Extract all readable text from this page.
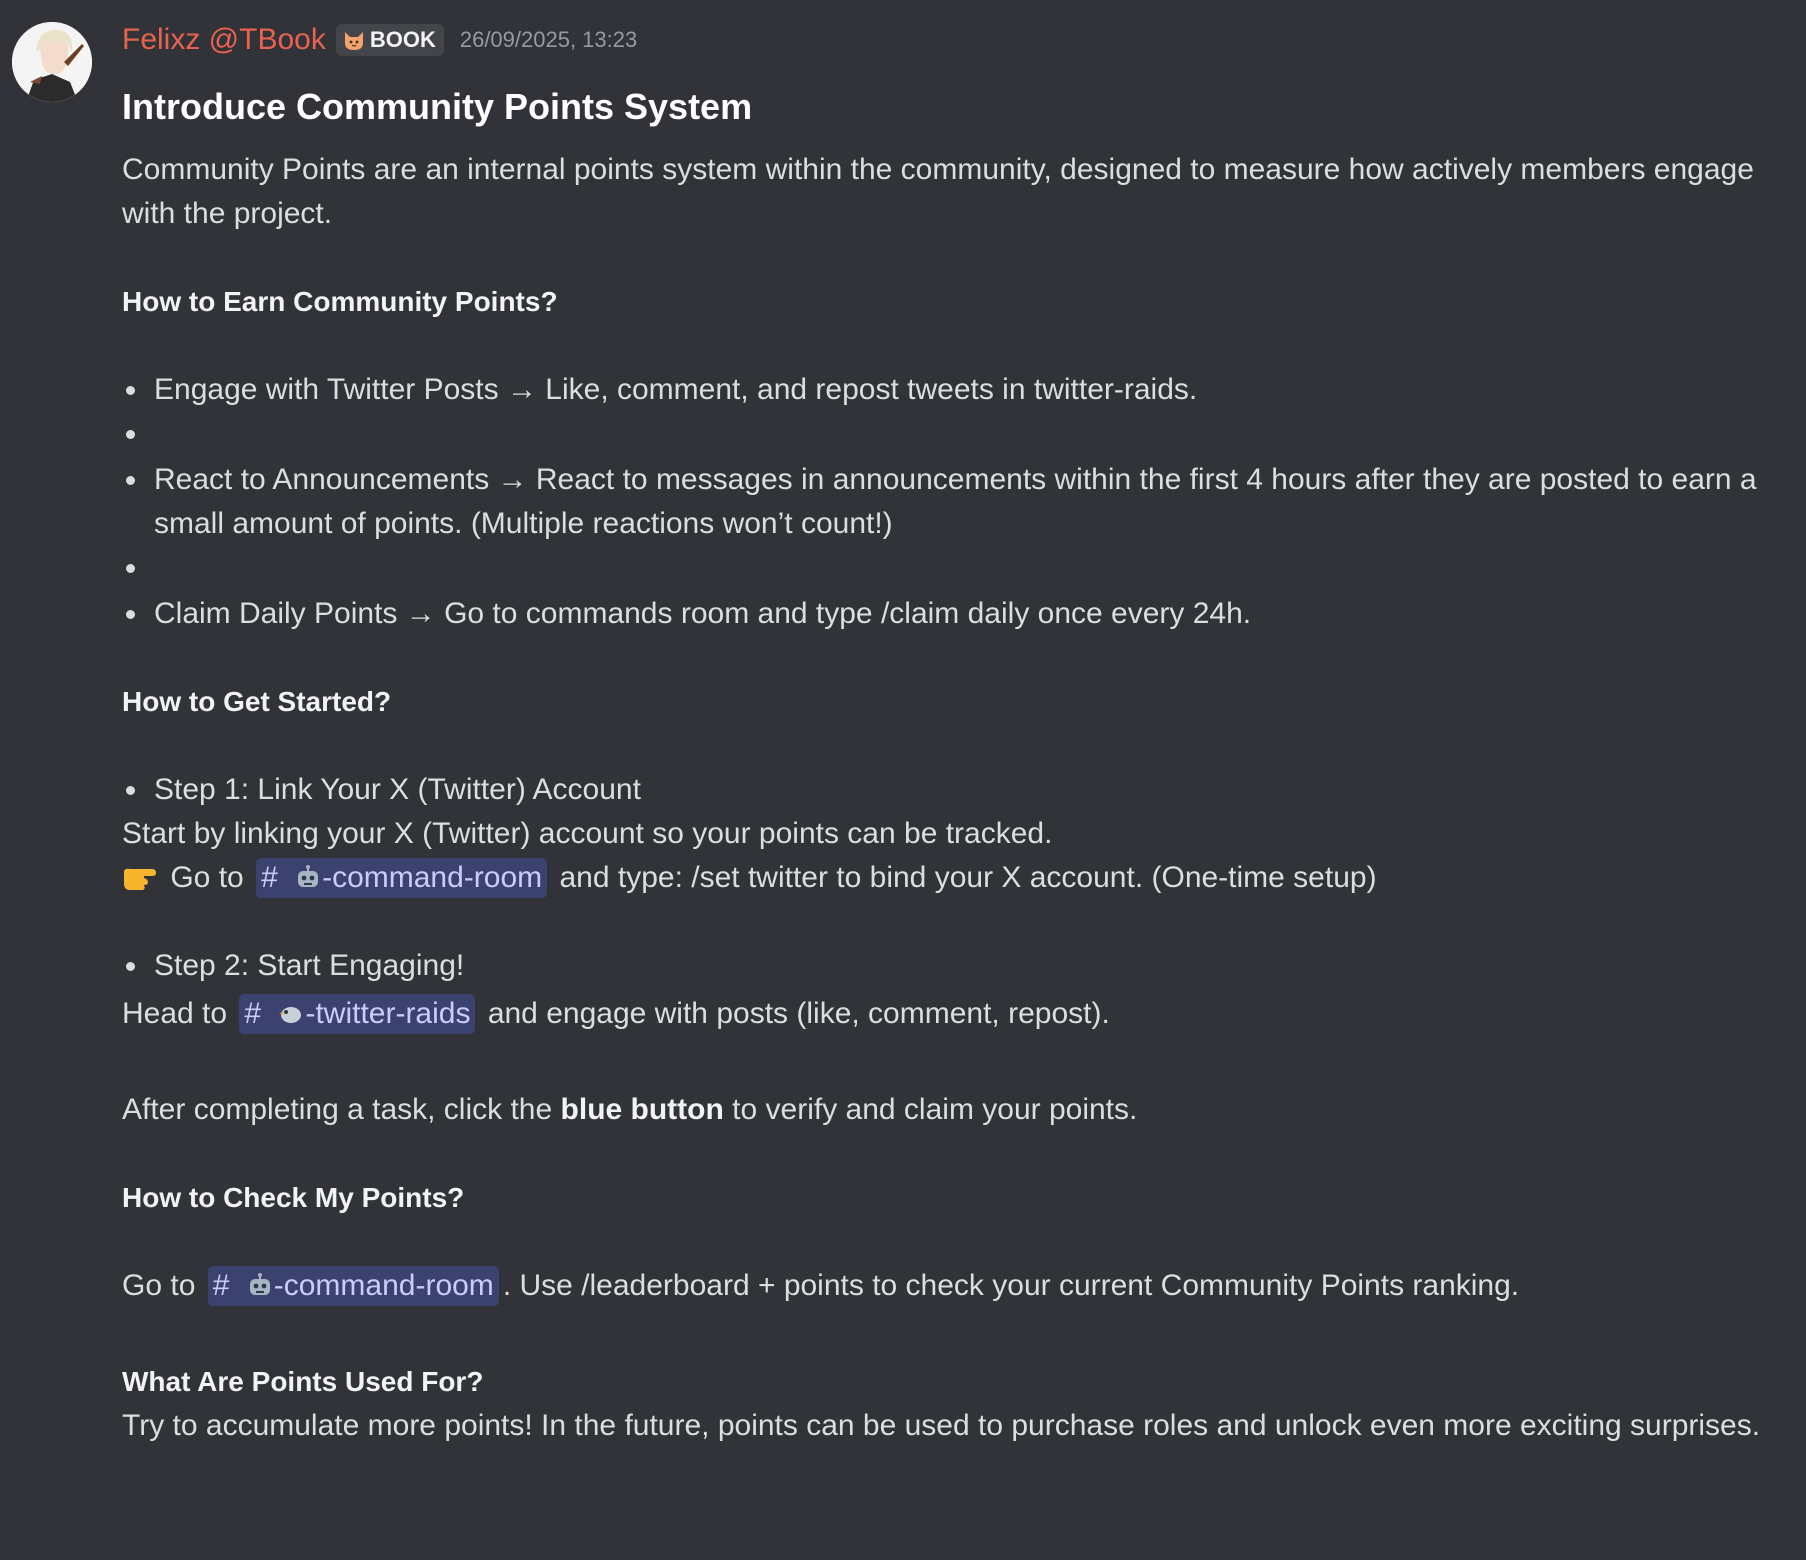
Felixz @TBook BOOK 26/09/2025, 13:23
Introduce Community Points System

Community Points are an internal points system within the community, designed to measure how actively members engage with the project.

How to Earn Community Points?
Engage with Twitter Posts → Like, comment, and repost tweets in twitter-raids.
React to Announcements → React to messages in announcements within the first 4 hours after they are posted to earn a small amount of points. (Multiple reactions won’t count!)
Claim Daily Points → Go to commands room and type /claim daily once every 24h.
How to Get Started?
Step 1: Link Your X (Twitter) Account

Start by linking your X (Twitter) account so your points can be tracked.

Go to # -command-room and type: /set twitter to bind your X account. (One-time setup)

Step 2: Start Engaging!

Head to # -twitter-raids and engage with posts (like, comment, repost).

After completing a task, click the blue button to verify and claim your points.

How to Check My Points?

Go to # -command-room . Use /leaderboard + points to check your current Community Points ranking.

What Are Points Used For?

Try to accumulate more points! In the future, points can be used to purchase roles and unlock even more exciting surprises.
